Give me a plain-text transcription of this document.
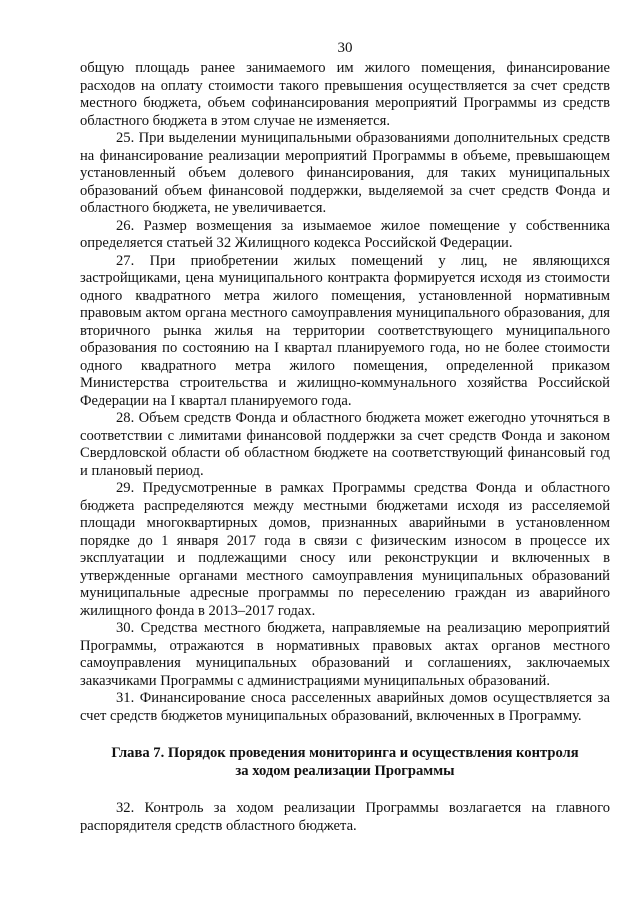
30

общую площадь ранее занимаемого им жилого помещения, финансирование расходов на оплату стоимости такого превышения осуществляется за счет средств местного бюджета, объем софинансирования мероприятий Программы из средств областного бюджета в этом случае не изменяется.

25. При выделении муниципальными образованиями дополнительных средств на финансирование реализации мероприятий Программы в объеме, превышающем установленный объем долевого финансирования, для таких муниципальных образований объем финансовой поддержки, выделяемой за счет средств Фонда и областного бюджета, не увеличивается.

26. Размер возмещения за изымаемое жилое помещение у собственника определяется статьей 32 Жилищного кодекса Российской Федерации.

27. При приобретении жилых помещений у лиц, не являющихся застройщиками, цена муниципального контракта формируется исходя из стоимости одного квадратного метра жилого помещения, установленной нормативным правовым актом органа местного самоуправления муниципального образования, для вторичного рынка жилья на территории соответствующего муниципального образования по состоянию на I квартал планируемого года, но не более стоимости одного квадратного метра жилого помещения, определенной приказом Министерства строительства и жилищно-коммунального хозяйства Российской Федерации на I квартал планируемого года.

28. Объем средств Фонда и областного бюджета может ежегодно уточняться в соответствии с лимитами финансовой поддержки за счет средств Фонда и законом Свердловской области об областном бюджете на соответствующий финансовый год и плановый период.

29. Предусмотренные в рамках Программы средства Фонда и областного бюджета распределяются между местными бюджетами исходя из расселяемой площади многоквартирных домов, признанных аварийными в установленном порядке до 1 января 2017 года в связи с физическим износом в процессе их эксплуатации и подлежащими сносу или реконструкции и включенных в утвержденные органами местного самоуправления муниципальных образований муниципальные адресные программы по переселению граждан из аварийного жилищного фонда в 2013–2017 годах.

30. Средства местного бюджета, направляемые на реализацию мероприятий Программы, отражаются в нормативных правовых актах органов местного самоуправления муниципальных образований и соглашениях, заключаемых заказчиками Программы с администрациями муниципальных образований.

31. Финансирование сноса расселенных аварийных домов осуществляется за счет средств бюджетов муниципальных образований, включенных в Программу.

Глава 7. Порядок проведения мониторинга и осуществления контроля
за ходом реализации Программы

32. Контроль за ходом реализации Программы возлагается на главного распорядителя средств областного бюджета.
